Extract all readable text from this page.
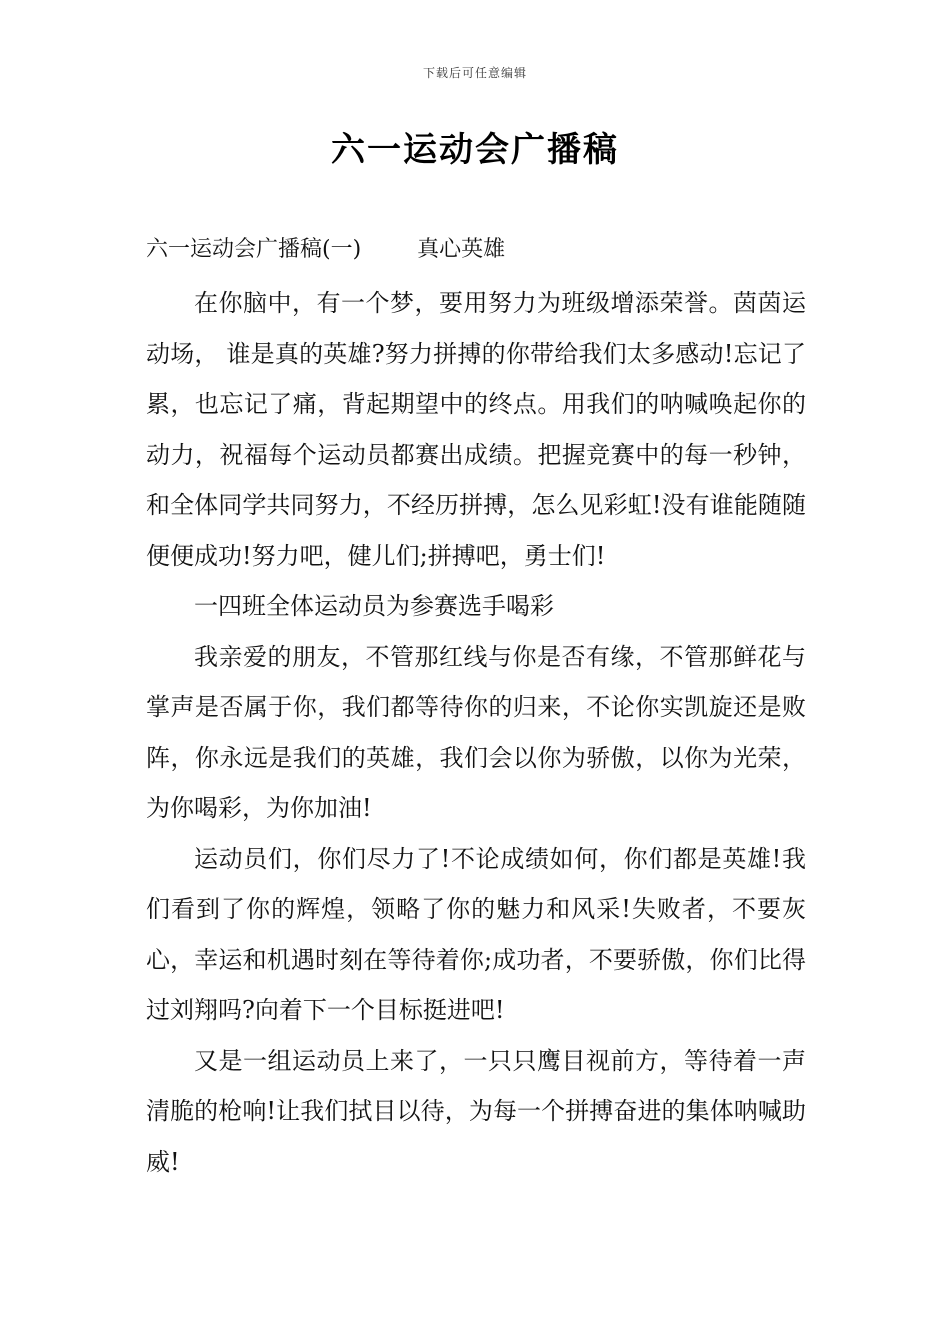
下载后可任意编辑
六一运动会广播稿
六一运动会广播稿(一)	真心英雄

在你脑中，有一个梦，要用努力为班级增添荣誉。茵茵运动场， 谁是真的英雄?努力拼搏的你带给我们太多感动!忘记了累，也忘记了痛，背起期望中的终点。用我们的呐喊唤起你的动力，祝福每个运动员都赛出成绩。把握竞赛中的每一秒钟，和全体同学共同努力，不经历拼搏，怎么见彩虹!没有谁能随随便便成功!努力吧，健儿们;拼搏吧，勇士们!

一四班全体运动员为参赛选手喝彩

我亲爱的朋友，不管那红线与你是否有缘，不管那鲜花与掌声是否属于你，我们都等待你的归来，不论你实凯旋还是败阵，你永远是我们的英雄，我们会以你为骄傲，以你为光荣，为你喝彩，为你加油!

运动员们，你们尽力了!不论成绩如何，你们都是英雄!我们看到了你的辉煌，领略了你的魅力和风采!失败者，不要灰心，幸运和机遇时刻在等待着你;成功者，不要骄傲，你们比得过刘翔吗?向着下一个目标挺进吧!

又是一组运动员上来了，一只只鹰目视前方，等待着一声清脆的枪响!让我们拭目以待，为每一个拼搏奋进的集体呐喊助威!
